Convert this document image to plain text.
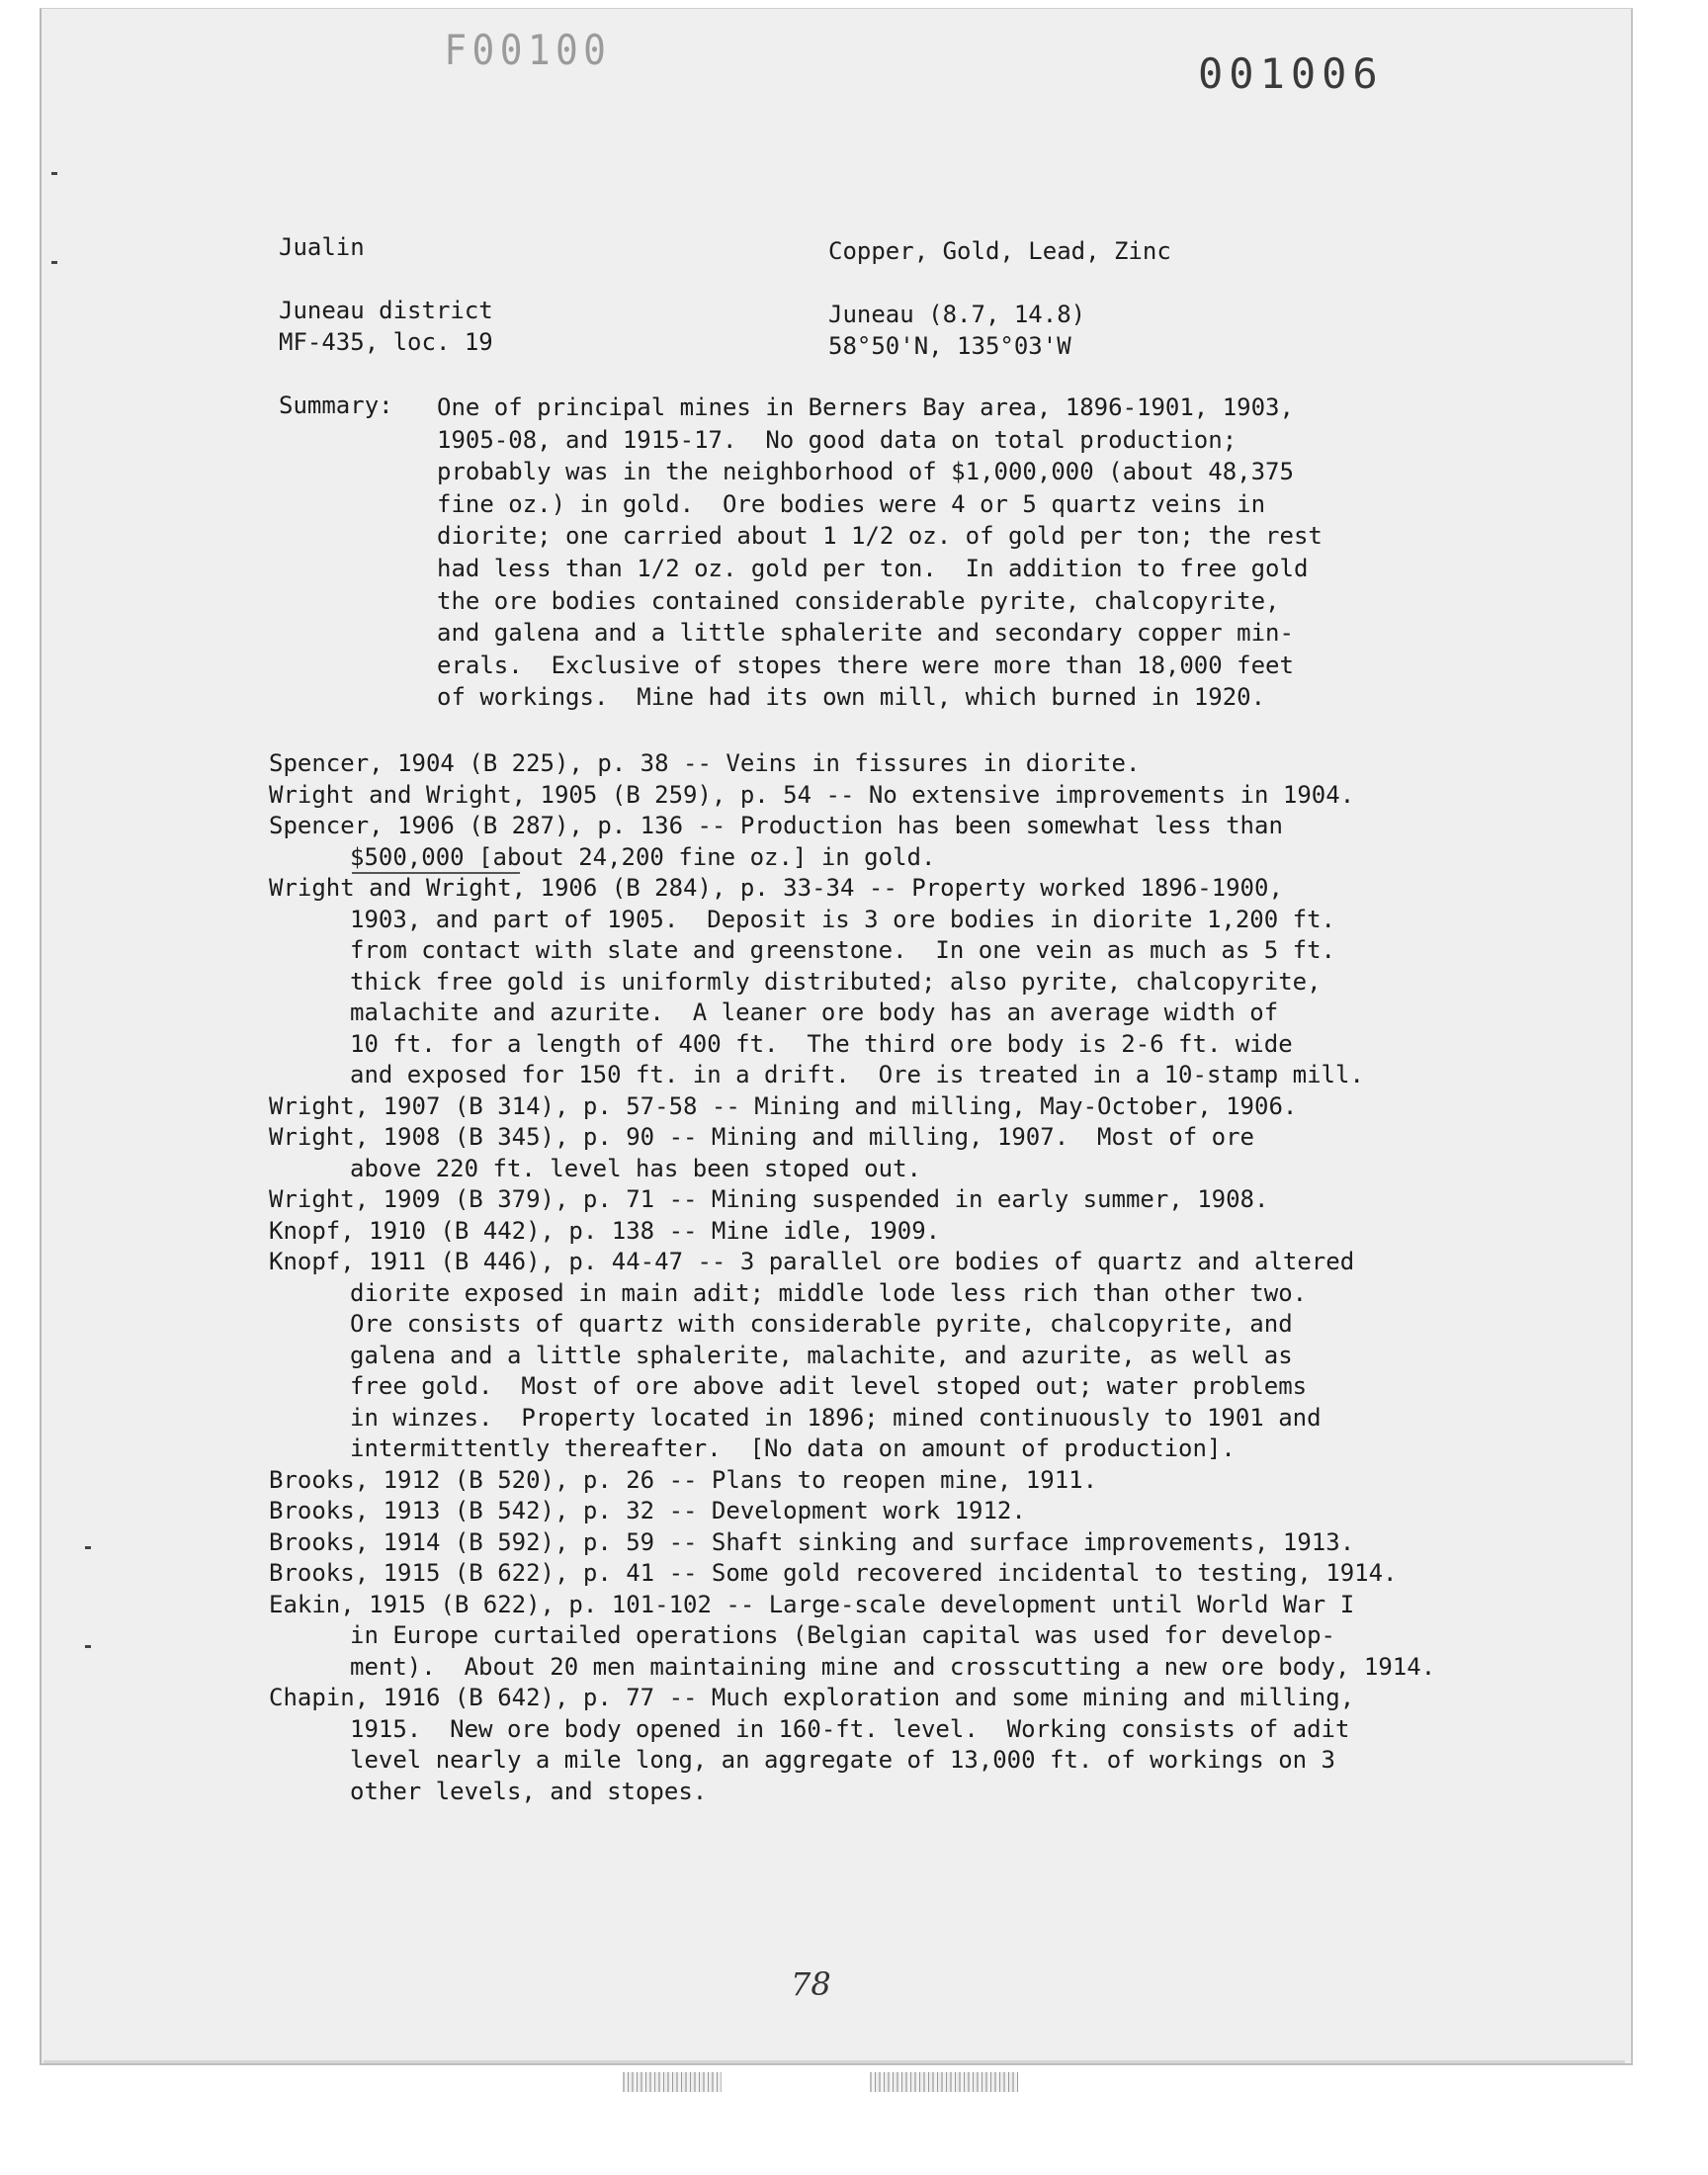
F00100	001006
Jualin	Copper, Gold, Lead, Zinc
Juneau district	Juneau (8.7, 14.8)
MF-435, loc. 19	58°50'N, 135°03'W
Summary: One of principal mines in Berners Bay area, 1896-1901, 1903,
1905-08, and 1915-17.  No good data on total production;
probably was in the neighborhood of $1,000,000 (about 48,375
fine oz.) in gold.  Ore bodies were 4 or 5 quartz veins in
diorite; one carried about 1 1/2 oz. of gold per ton; the rest
had less than 1/2 oz. gold per ton.  In addition to free gold
the ore bodies contained considerable pyrite, chalcopyrite,
and galena and a little sphalerite and secondary copper min-
erals.  Exclusive of stopes there were more than 18,000 feet
of workings.  Mine had its own mill, which burned in 1920.
Spencer, 1904 (B 225), p. 38 -- Veins in fissures in diorite.
Wright and Wright, 1905 (B 259), p. 54 -- No extensive improvements in 1904.
Spencer, 1906 (B 287), p. 136 -- Production has been somewhat less than
$500,000 [about 24,200 fine oz.] in gold.
Wright and Wright, 1906 (B 284), p. 33-34 -- Property worked 1896-1900,
1903, and part of 1905.  Deposit is 3 ore bodies in diorite 1,200 ft.
from contact with slate and greenstone.  In one vein as much as 5 ft.
thick free gold is uniformly distributed; also pyrite, chalcopyrite,
malachite and azurite.  A leaner ore body has an average width of
10 ft. for a length of 400 ft.  The third ore body is 2-6 ft. wide
and exposed for 150 ft. in a drift.  Ore is treated in a 10-stamp mill.
Wright, 1907 (B 314), p. 57-58 -- Mining and milling, May-October, 1906.
Wright, 1908 (B 345), p. 90 -- Mining and milling, 1907.  Most of ore
above 220 ft. level has been stoped out.
Wright, 1909 (B 379), p. 71 -- Mining suspended in early summer, 1908.
Knopf, 1910 (B 442), p. 138 -- Mine idle, 1909.
Knopf, 1911 (B 446), p. 44-47 -- 3 parallel ore bodies of quartz and altered
diorite exposed in main adit; middle lode less rich than other two.
Ore consists of quartz with considerable pyrite, chalcopyrite, and
galena and a little sphalerite, malachite, and azurite, as well as
free gold.  Most of ore above adit level stoped out; water problems
in winzes.  Property located in 1896; mined continuously to 1901 and
intermittently thereafter.  [No data on amount of production].
Brooks, 1912 (B 520), p. 26 -- Plans to reopen mine, 1911.
Brooks, 1913 (B 542), p. 32 -- Development work 1912.
Brooks, 1914 (B 592), p. 59 -- Shaft sinking and surface improvements, 1913.
Brooks, 1915 (B 622), p. 41 -- Some gold recovered incidental to testing, 1914.
Eakin, 1915 (B 622), p. 101-102 -- Large-scale development until World War I
in Europe curtailed operations (Belgian capital was used for develop-
ment).  About 20 men maintaining mine and crosscutting a new ore body, 1914.
Chapin, 1916 (B 642), p. 77 -- Much exploration and some mining and milling,
1915.  New ore body opened in 160-ft. level.  Working consists of adit
level nearly a mile long, an aggregate of 13,000 ft. of workings on 3
other levels, and stopes.
78
